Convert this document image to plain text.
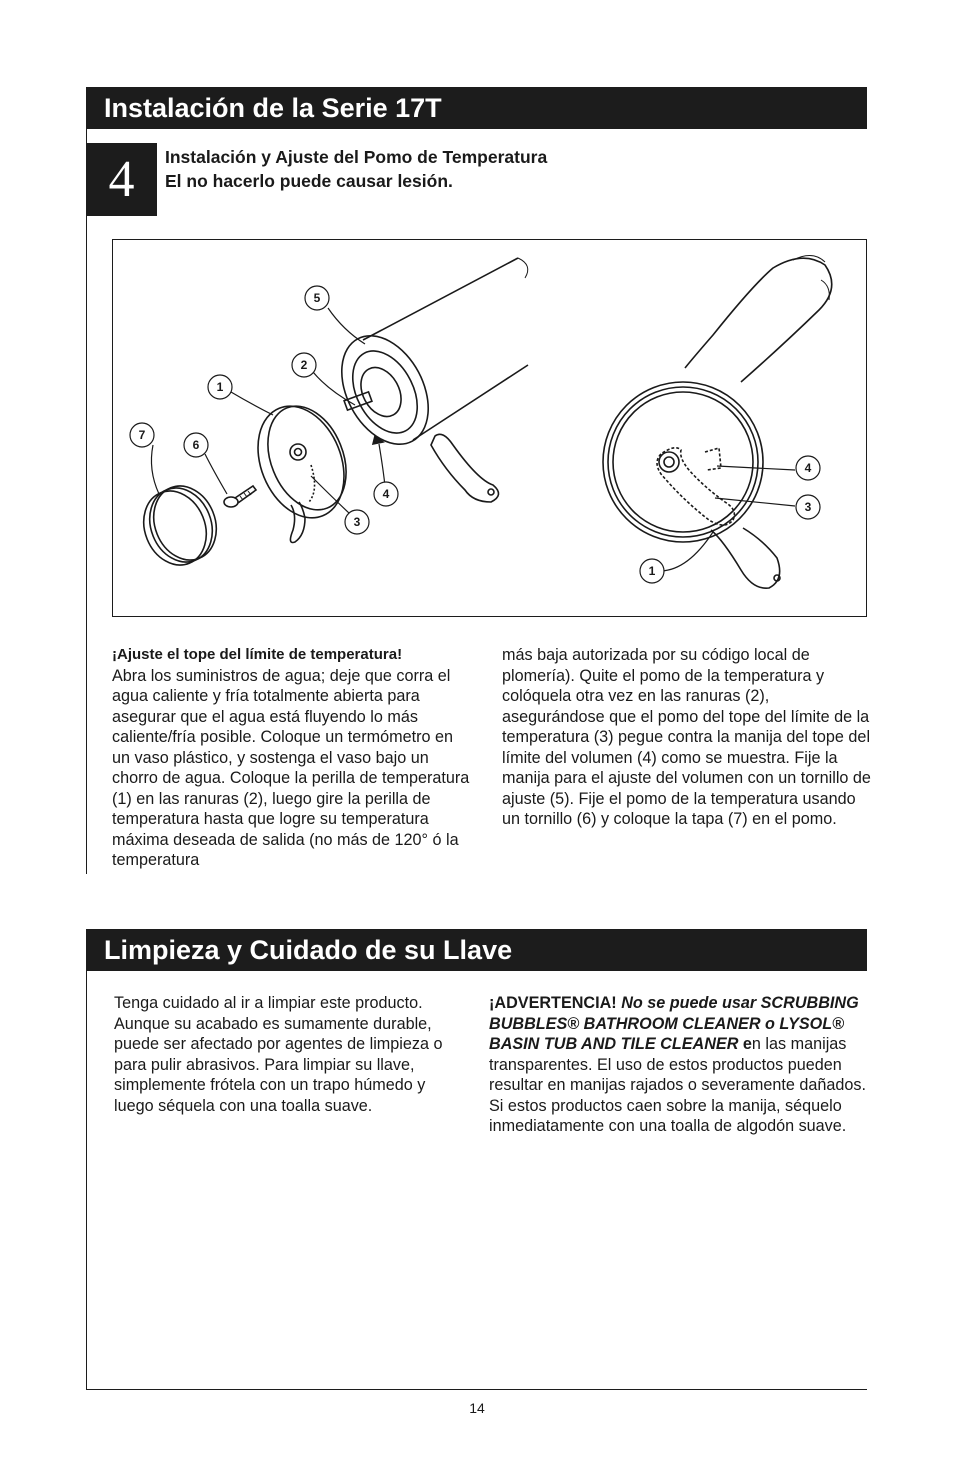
Instalación de la Serie 17T
4	Instalación y Ajuste del Pomo de Temperatura
El no hacerlo puede causar lesión.
5
2
1
7
6
4
3
4
3
1

¡Ajuste el tope del límite de temperatura!

Abra los suministros de agua; deje que corra el agua caliente y fría totalmente abierta para asegurar que el agua está fluyendo lo más caliente/fría posible. Coloque un termómetro en un vaso plástico, y sostenga el vaso bajo un chorro de agua. Coloque la perilla de temperatura (1) en las ranuras (2), luego gire la perilla de temperatura hasta que logre su temperatura máxima deseada de salida (no más de 120° ó la temperatura

más baja autorizada por su código local de plomería). Quite el pomo de la temperatura y colóquela otra vez en las ranuras (2), asegurándose que el pomo del tope del límite de la temperatura (3) pegue contra la manija del tope del límite del volumen (4) como se muestra. Fije la manija para el ajuste del volumen con un tornillo de ajuste (5). Fije el pomo de la temperatura usando un tornillo (6) y coloque la tapa (7) en el pomo.

Limpieza y Cuidado de su Llave

Tenga cuidado al ir a limpiar este producto. Aunque su acabado es sumamente durable, puede ser afectado por agentes de limpieza o para pulir abrasivos. Para limpiar su llave, simplemente frótela con un trapo húmedo y luego séquela con una toalla suave.

¡ADVERTENCIA! No se puede usar SCRUBBING BUBBLES® BATHROOM CLEANER o LYSOL® BASIN TUB AND TILE CLEANER en las manijas transparentes. El uso de estos productos pueden resultar en manijas rajados o severamente dañados. Si estos productos caen sobre la manija, séquelo inmediatamente con una toalla de algodón suave.

14
